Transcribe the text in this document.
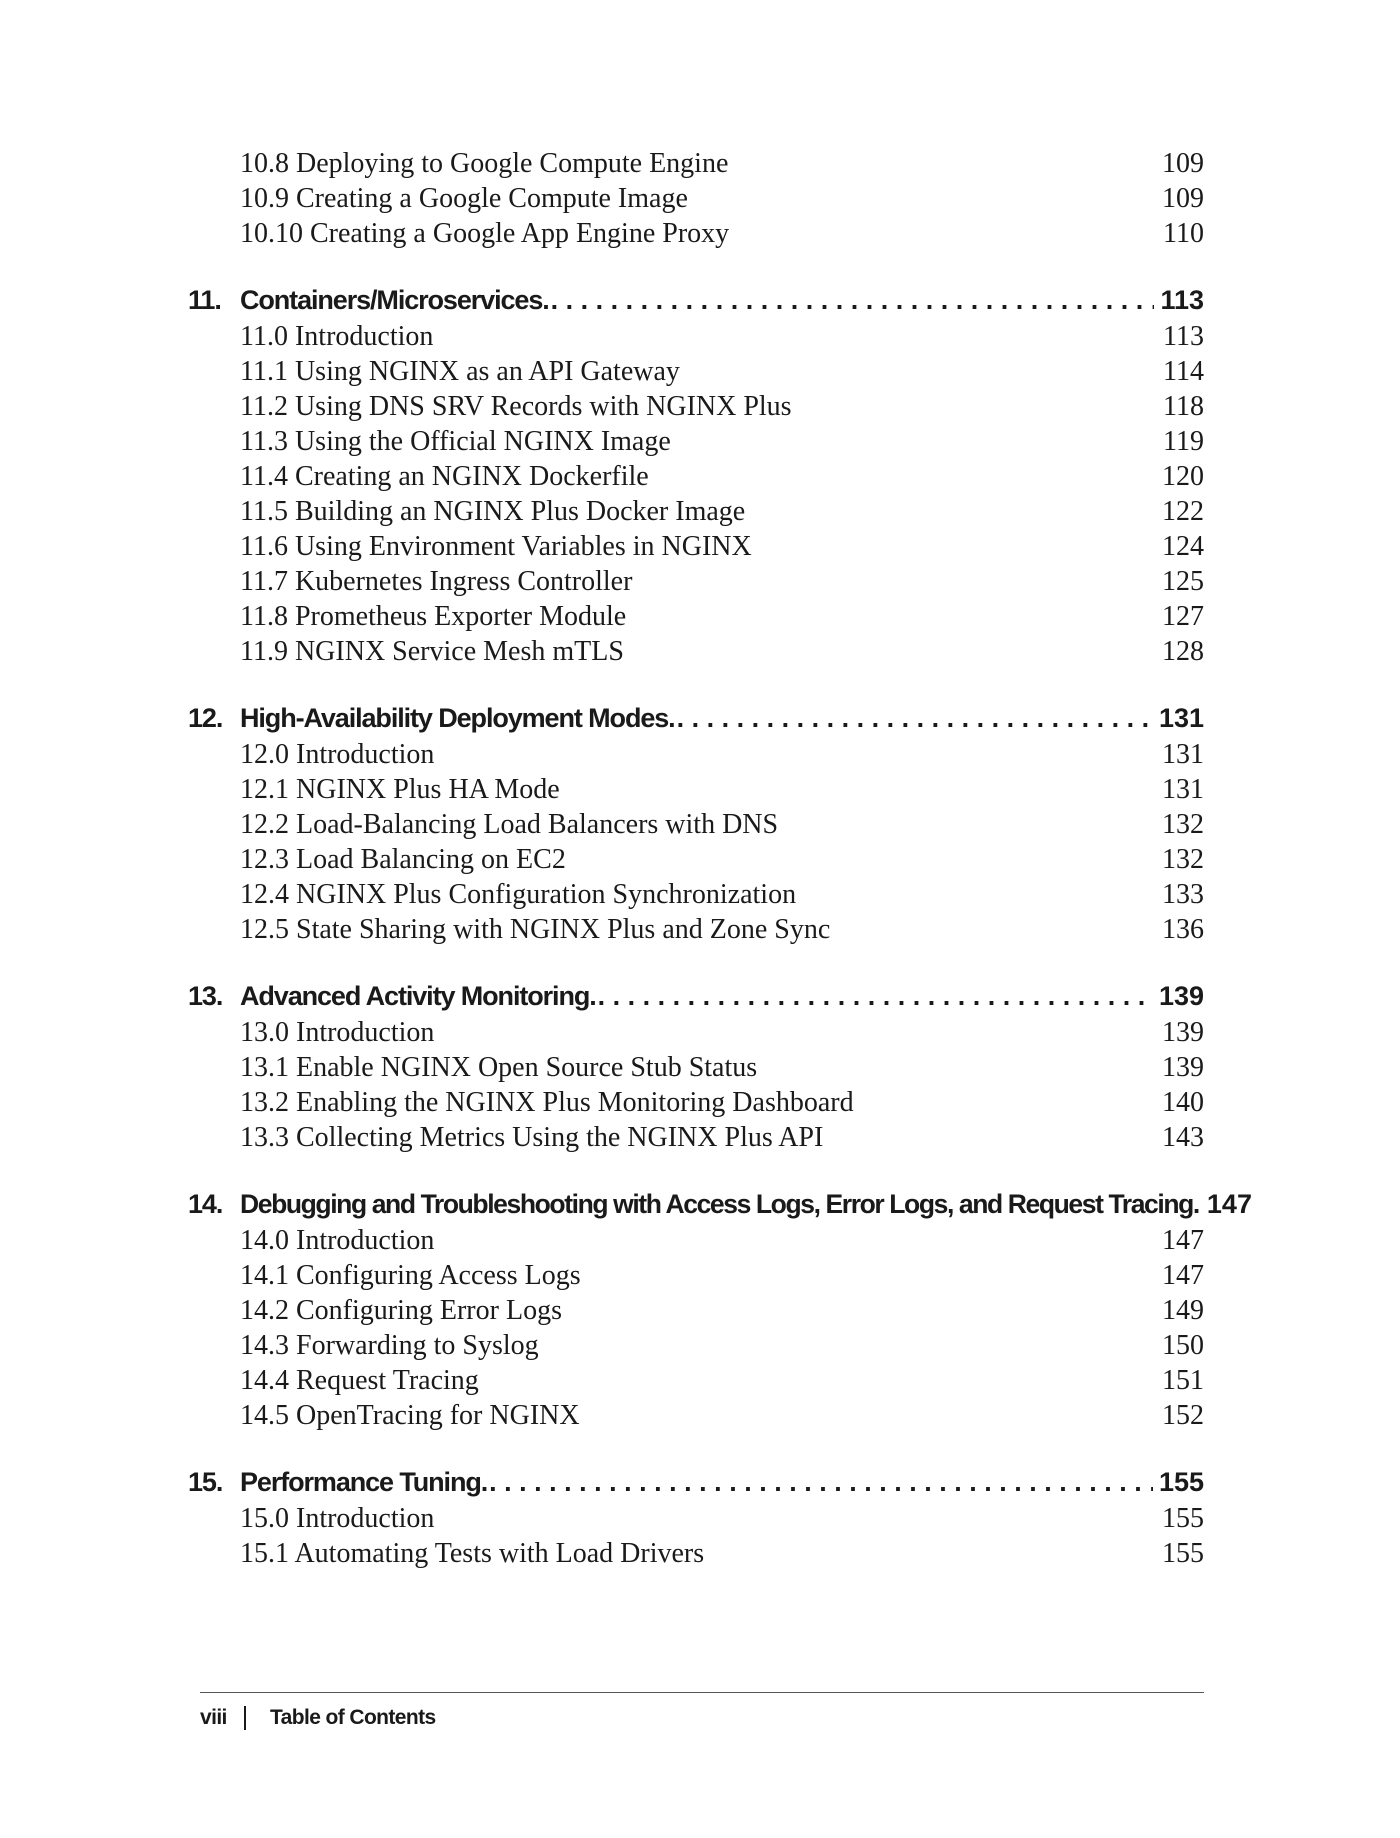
10.8 Deploying to Google Compute Engine	109
10.9 Creating a Google Compute Image	109
10.10 Creating a Google App Engine Proxy	110
11. Containers/Microservices. . . .	113
11.0 Introduction	113
11.1 Using NGINX as an API Gateway	114
11.2 Using DNS SRV Records with NGINX Plus	118
11.3 Using the Official NGINX Image	119
11.4 Creating an NGINX Dockerfile	120
11.5 Building an NGINX Plus Docker Image	122
11.6 Using Environment Variables in NGINX	124
11.7 Kubernetes Ingress Controller	125
11.8 Prometheus Exporter Module	127
11.9 NGINX Service Mesh mTLS	128
12. High-Availability Deployment Modes. . . .	131
12.0 Introduction	131
12.1 NGINX Plus HA Mode	131
12.2 Load-Balancing Load Balancers with DNS	132
12.3 Load Balancing on EC2	132
12.4 NGINX Plus Configuration Synchronization	133
12.5 State Sharing with NGINX Plus and Zone Sync	136
13. Advanced Activity Monitoring. . . .	139
13.0 Introduction	139
13.1 Enable NGINX Open Source Stub Status	139
13.2 Enabling the NGINX Plus Monitoring Dashboard	140
13.3 Collecting Metrics Using the NGINX Plus API	143
14. Debugging and Troubleshooting with Access Logs, Error Logs, and Request Tracing. 147
14.0 Introduction	147
14.1 Configuring Access Logs	147
14.2 Configuring Error Logs	149
14.3 Forwarding to Syslog	150
14.4 Request Tracing	151
14.5 OpenTracing for NGINX	152
15. Performance Tuning. . . .	155
15.0 Introduction	155
15.1 Automating Tests with Load Drivers	155
viii	Table of Contents
